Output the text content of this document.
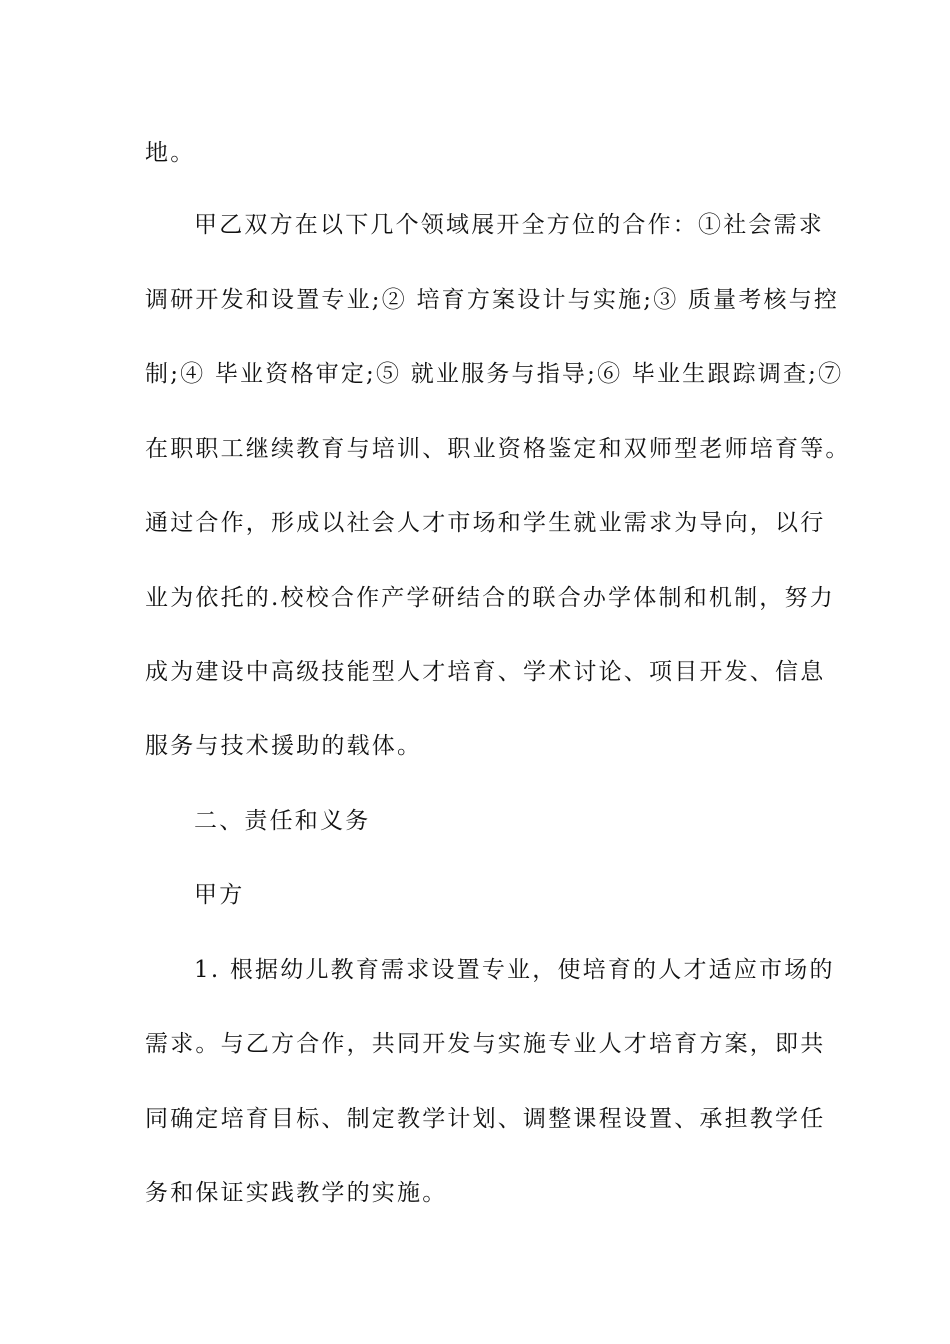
地。
甲乙双方在以下几个领域展开全方位的合作：①社会需求
调研开发和设置专业;② 培育方案设计与实施;③ 质量考核与控
制;④ 毕业资格审定;⑤ 就业服务与指导;⑥ 毕业生跟踪调查;⑦
在职职工继续教育与培训、职业资格鉴定和双师型老师培育等。
通过合作，形成以社会人才市场和学生就业需求为导向，以行
业为依托的.校校合作产学研结合的联合办学体制和机制，努力
成为建设中高级技能型人才培育、学术讨论、项目开发、信息
服务与技术援助的载体。
二、责任和义务
甲方
1. 根据幼儿教育需求设置专业，使培育的人才适应市场的
需求。与乙方合作，共同开发与实施专业人才培育方案，即共
同确定培育目标、制定教学计划、调整课程设置、承担教学任
务和保证实践教学的实施。
